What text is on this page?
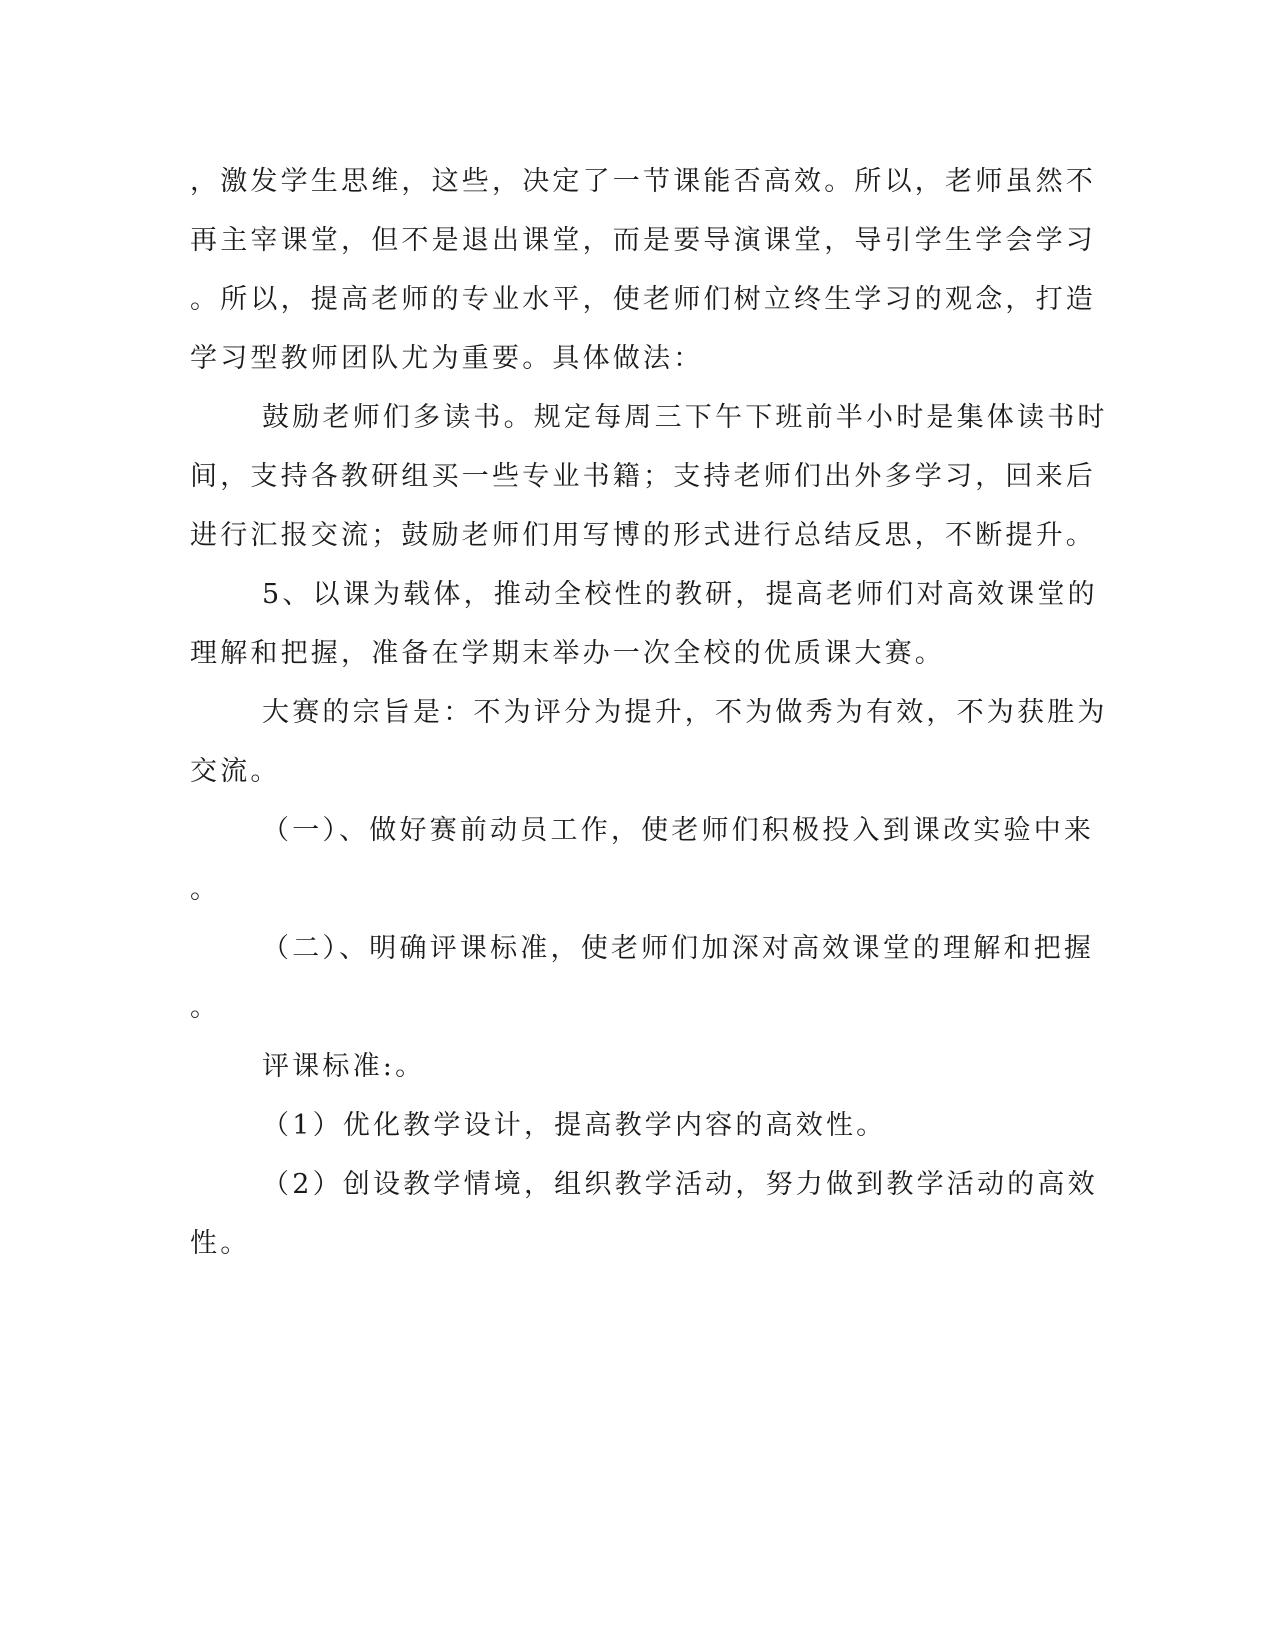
，激发学生思维，这些，决定了一节课能否高效。所以，老师虽然不
再主宰课堂，但不是退出课堂，而是要导演课堂，导引学生学会学习
。所以，提高老师的专业水平，使老师们树立终生学习的观念，打造
学习型教师团队尤为重要。具体做法：
鼓励老师们多读书。规定每周三下午下班前半小时是集体读书时
间，支持各教研组买一些专业书籍；支持老师们出外多学习，回来后
进行汇报交流；鼓励老师们用写博的形式进行总结反思，不断提升。
5、以课为载体，推动全校性的教研，提高老师们对高效课堂的
理解和把握，准备在学期末举办一次全校的优质课大赛。
大赛的宗旨是：不为评分为提升，不为做秀为有效，不为获胜为
交流。
（一）、做好赛前动员工作，使老师们积极投入到课改实验中来
。
（二）、明确评课标准，使老师们加深对高效课堂的理解和把握
。
评课标准:。
（1）优化教学设计，提高教学内容的高效性。
（2）创设教学情境，组织教学活动，努力做到教学活动的高效
性。
